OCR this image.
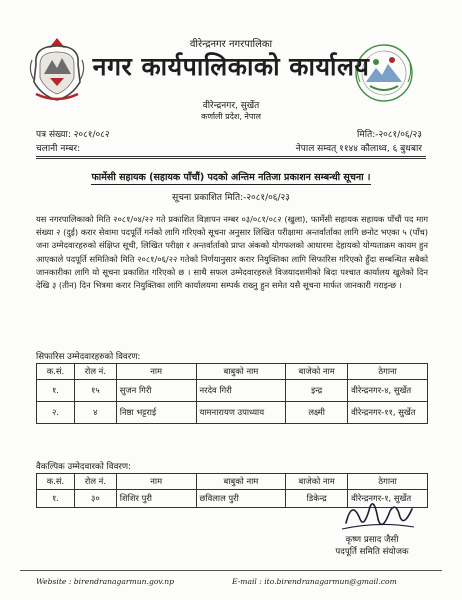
वीरेन्द्रनगर नगरपालिका
नगर कार्यपालिकाको कार्यालय
वीरेन्द्रनगर, सुर्खेत
कर्णाली प्रदेश, नेपाल
पत्र संख्या: २०८१/०८२
चलानी नम्बर:
मिति:-२०८१/०६/२३
नेपाल सम्वत् ११४४ कौलाथ्व, ६ बुधबार
फार्मेसी सहायक (सहायक पाँचौं) पदको अन्तिम नतिजा प्रकाशन सम्बन्धी सूचना ।
सूचना प्रकाशित मिति:-२०८१/०६/२३
यस नगरपालिकाको मिति २०८१/०४/२२ गते प्रकाशित विज्ञापन नम्बर ०३/०८१/०८२ (खुला), फार्मेसी सहायक सहायक पाँचौं पद माग संख्या २ (दुई) करार सेवामा पदपूर्ति गर्नको लागि गरिएको सूचना अनुसार लिखित परीक्षामा अन्तर्वार्ताका लागि छनोट भएका ५ (पाँच) जना उम्मेदवारहरुको संक्षिप्त सूची, लिखित परीक्षा र अन्तर्वार्ताको प्राप्त अंकको योगफलको आधारमा देहायको योग्यताक्रम कायम हुन आएकाले पदपूर्ति समितिको मिति २०८१/०६/२२ गतेको निर्णयानुसार करार नियुक्तिका लागि सिफारिस गरिएको हुँदा सम्बन्धित सबैको जानकारीका लागि यो सूचना प्रकाशित गरिएको छ । साथै सफल उम्मेदवारहरुले विजयादशमीको बिदा पश्चात कार्यालय खुलेको दिन देखि ३ (तीन) दिन भित्रमा करार नियुक्तिका लागि कार्यालयमा सम्पर्क राख्नु हुन समेत यसै सूचना मार्फत जानकारी गराइन्छ ।
सिफारिस उम्मेदवारहरुको विवरण:
क.सं.	रोल नं.	नाम	बाबुको नाम	बाजेको नाम	ठेगाना
१.	१५	सुजन गिरी	नरदेव गिरी	इन्द्र	वीरेन्द्रनगर-४, सुर्खेत
२.	४	निष्ठा भट्टराई	यामनारायण उपाध्याय	लक्ष्मी	वीरेन्द्रनगर-११, सुर्खेत
वैकल्पिक उम्मेदवारको विवरण:
क.सं.	रोल नं.	नाम	बाबुको नाम	बाजेको नाम	ठेगाना
१.	३०	शिशिर पुरी	छविलाल पुरी	डिकेन्द्र	वीरेन्द्रनगर-१, सुर्खेत
कृष्ण प्रसाद जैसी
पदपूर्ति समिति संयोजक
Website : birendranagarmun.gov.np	E-mail : ito.birendranagarmun@gmail.com
